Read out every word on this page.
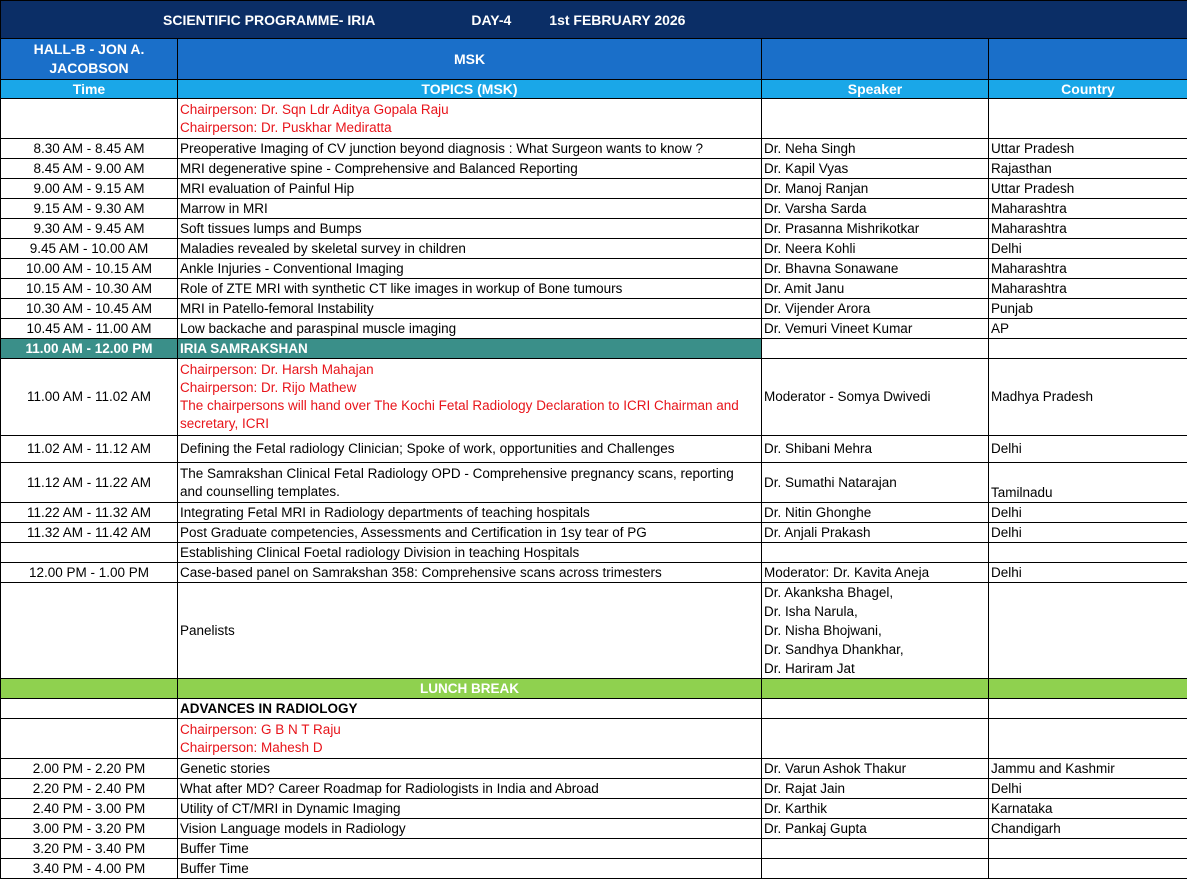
SCIENTIFIC PROGRAMME- IRIA DAY-4 1st FEBRUARY 2026			

HALL-B - JON A. JACOBSON	MSK		
Time	TOPICS (MSK)	Speaker	Country

	Chairperson: Dr. Sqn Ldr Aditya Gopala Raju
Chairperson: Dr. Puskhar Mediratta		

8.30 AM - 8.45 AM	Preoperative Imaging of CV junction beyond diagnosis : What Surgeon wants to know ?	Dr. Neha Singh	Uttar Pradesh
8.45 AM - 9.00 AM	MRI degenerative spine - Comprehensive and Balanced Reporting	Dr. Kapil Vyas	Rajasthan
9.00 AM - 9.15 AM	MRI evaluation of Painful Hip	Dr. Manoj Ranjan	Uttar Pradesh
9.15 AM - 9.30 AM	Marrow in MRI	Dr. Varsha Sarda	Maharashtra
9.30 AM - 9.45 AM	Soft tissues lumps and Bumps	Dr. Prasanna Mishrikotkar	Maharashtra
9.45 AM - 10.00 AM	Maladies revealed by skeletal survey in children	Dr. Neera Kohli	Delhi
10.00 AM - 10.15 AM	Ankle Injuries - Conventional Imaging	Dr. Bhavna Sonawane	Maharashtra
10.15 AM - 10.30 AM	Role of ZTE MRI with synthetic CT like images in workup of Bone tumours	Dr. Amit Janu	Maharashtra
10.30 AM - 10.45 AM	MRI in Patello-femoral Instability	Dr. Vijender Arora	Punjab
10.45 AM - 11.00 AM	Low backache and paraspinal muscle imaging	Dr. Vemuri Vineet Kumar	AP
11.00 AM - 12.00 PM	IRIA SAMRAKSHAN		
11.00 AM - 11.02 AM	Chairperson: Dr. Harsh Mahajan
Chairperson: Dr. Rijo Mathew
The chairpersons will hand over The Kochi Fetal Radiology Declaration to ICRI Chairman and secretary, ICRI	Moderator - Somya Dwivedi	Madhya Pradesh
11.02 AM - 11.12 AM	Defining the Fetal radiology Clinician; Spoke of work, opportunities and Challenges	Dr. Shibani Mehra	Delhi
11.12 AM - 11.22 AM	The Samrakshan Clinical Fetal Radiology OPD - Comprehensive pregnancy scans, reporting and counselling templates.	Dr. Sumathi Natarajan	Tamilnadu
11.22 AM - 11.32 AM	Integrating Fetal MRI in Radiology departments of teaching hospitals	Dr. Nitin Ghonghe	Delhi
11.32 AM - 11.42 AM	Post Graduate competencies, Assessments and Certification in 1sy tear of PG	Dr. Anjali Prakash	Delhi
	Establishing Clinical Foetal radiology Division in teaching Hospitals		
12.00 PM - 1.00 PM	Case-based panel on Samrakshan 358: Comprehensive scans across trimesters	Moderator: Dr. Kavita Aneja	Delhi
	Panelists	Dr. Akanksha Bhagel,
Dr. Isha Narula,
Dr. Nisha Bhojwani,
Dr. Sandhya Dhankhar,
Dr. Hariram Jat	

	LUNCH BREAK		
	ADVANCES IN RADIOLOGY		

	Chairperson: G B N T Raju
Chairperson: Mahesh D		

2.00 PM - 2.20 PM	Genetic stories	Dr. Varun Ashok Thakur	Jammu and Kashmir
2.20 PM - 2.40 PM	What after MD? Career Roadmap for Radiologists in India and Abroad	Dr. Rajat Jain	Delhi
2.40 PM - 3.00 PM	Utility of CT/MRI in Dynamic Imaging	Dr. Karthik	Karnataka
3.00 PM - 3.20 PM	Vision Language models in Radiology	Dr. Pankaj Gupta	Chandigarh
3.20 PM - 3.40 PM	Buffer Time		
3.40 PM - 4.00 PM	Buffer Time		
